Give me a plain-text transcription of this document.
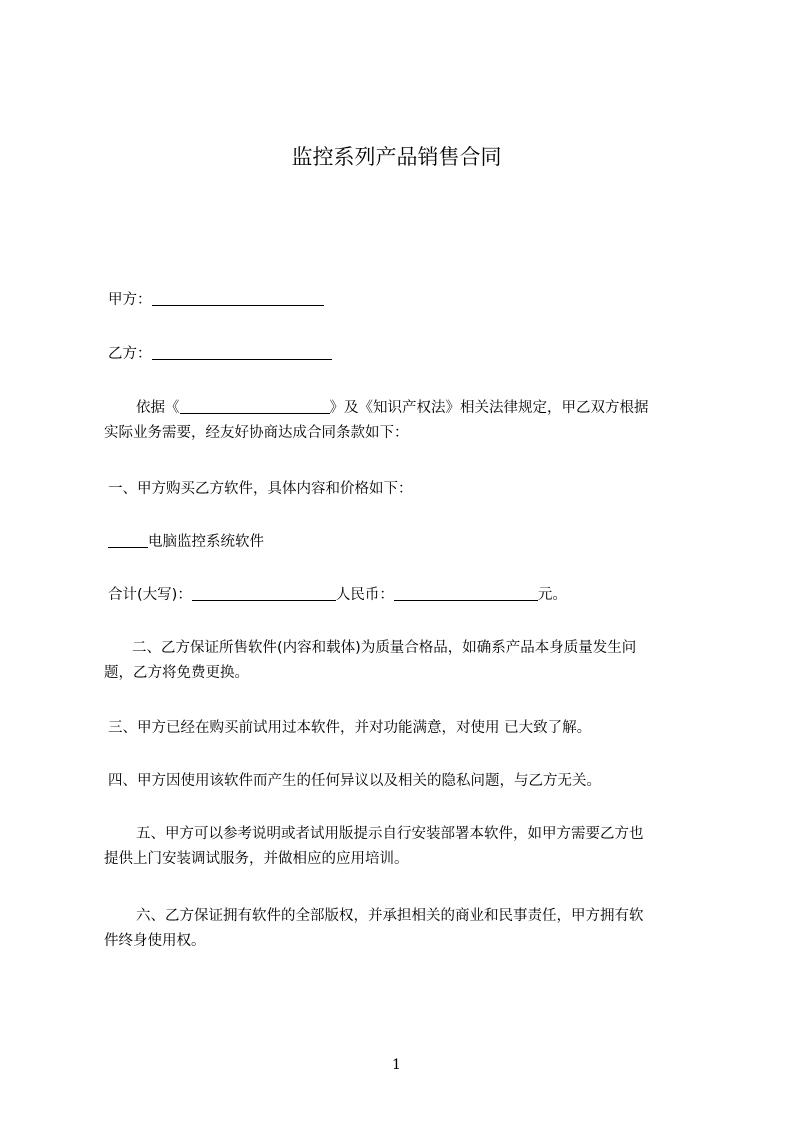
监控系列产品销售合同
甲方：
乙方：
依据《	》及《知识产权法》相关法律规定，甲乙双方根据
实际业务需要，经友好协商达成合同条款如下：
一、甲方购买乙方软件，具体内容和价格如下：
电脑监控系统软件
合计(大写)：	人民币：	元。
二、乙方保证所售软件(内容和载体)为质量合格品，如确系产品本身质量发生问
题，乙方将免费更换。
三、甲方已经在购买前试用过本软件，并对功能满意，对使用 已大致了解。
四、甲方因使用该软件而产生的任何异议以及相关的隐私问题，与乙方无关。
五、甲方可以参考说明或者试用版提示自行安装部署本软件，如甲方需要乙方也
提供上门安装调试服务，并做相应的应用培训。
六、乙方保证拥有软件的全部版权，并承担相关的商业和民事责任，甲方拥有软
件终身使用权。
1
